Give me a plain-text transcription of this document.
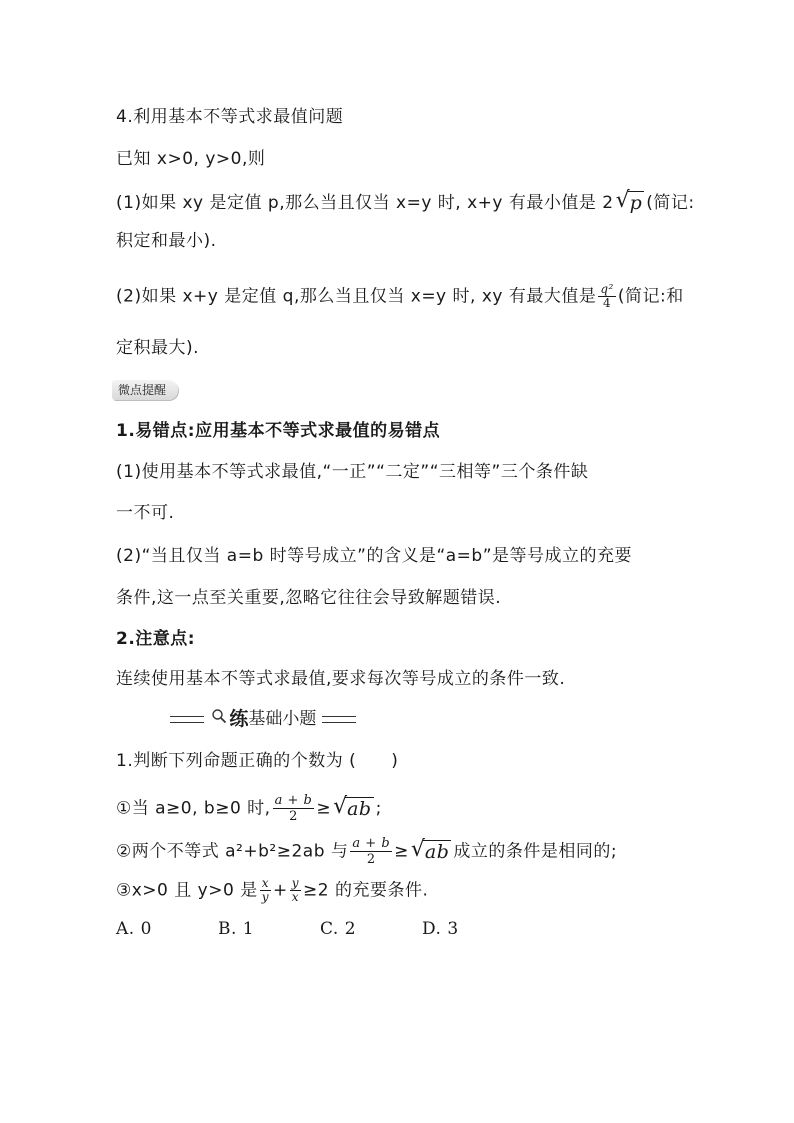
4.利用基本不等式求最值问题
已知 x>0, y>0,则
(1)如果 xy 是定值 p,那么当且仅当 x=y 时, x+y 有最小值是 2 √ p (简记:
积定和最小).
(2)如果 x+y 是定值 q,那么当且仅当 x=y 时, xy 有最大值是 $\frac{\text{q²}}{4}$ (简记:和
定积最大).
微点提醒
1.易错点:应用基本不等式求最值的易错点
(1)使用基本不等式求最值,“一正”“二定”“三相等”三个条件缺
一不可.
(2)“当且仅当 a=b 时等号成立”的含义是“a=b”是等号成立的充要
条件,这一点至关重要,忽略它往往会导致解题错误.
2.注意点:
连续使用基本不等式求最值,要求每次等号成立的条件一致.
练基础小题
1.判断下列命题正确的个数为 (　　)
①当 a≥0, b≥0 时, $\frac{a + b}{2}$ ≥ √ ab ;
②两个不等式 a²+b²≥2ab 与 $\frac{a + b}{2}$ ≥ √ ab 成立的条件是相同的;
③x>0 且 y>0 是 $\frac{x}{y} + \frac{y}{x} \ge 2$ 的充要条件.
A. 0	B. 1	C. 2	D. 3
